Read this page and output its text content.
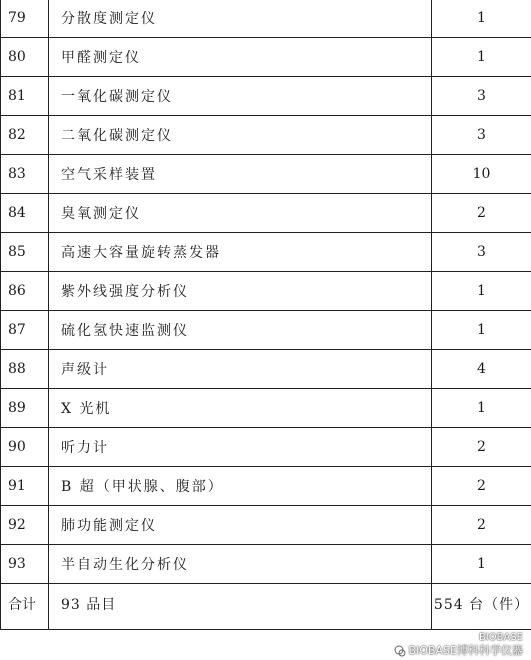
79	分散度测定仪	1
80	甲醛测定仪	1
81	一氧化碳测定仪	3
82	二氧化碳测定仪	3
83	空气采样装置	10
84	臭氧测定仪	2
85	高速大容量旋转蒸发器	3
86	紫外线强度分析仪	1
87	硫化氢快速监测仪	1
88	声级计	4
89	X 光机	1
90	听力计	2
91	B 超（甲状腺、腹部）	2
92	肺功能测定仪	2
93	半自动生化分析仪	1
合计	93 品目	554 台（件）
BIOBASE
BIOBASE博科科学仪器
